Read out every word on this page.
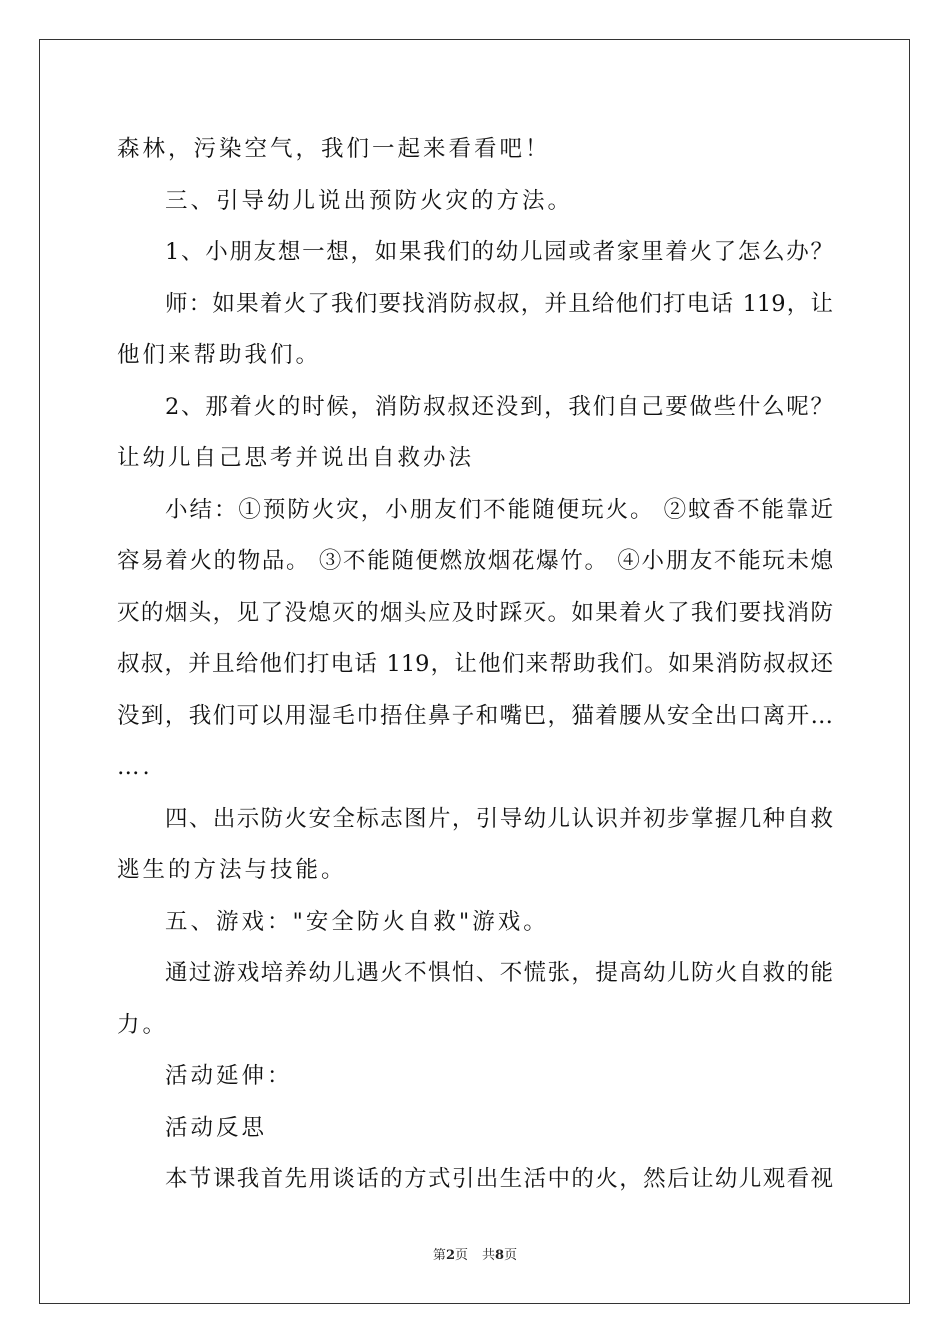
森林，污染空气，我们一起来看看吧！
三、引导幼儿说出预防火灾的方法。
1、小朋友想一想，如果我们的幼儿园或者家里着火了怎么办？
师：如果着火了我们要找消防叔叔，并且给他们打电话 119，让
他们来帮助我们。
2、那着火的时候，消防叔叔还没到，我们自己要做些什么呢？
让幼儿自己思考并说出自救办法
小结：①预防火灾，小朋友们不能随便玩火。 ②蚊香不能靠近
容易着火的物品。 ③不能随便燃放烟花爆竹。 ④小朋友不能玩未熄
灭的烟头，见了没熄灭的烟头应及时踩灭。如果着火了我们要找消防
叔叔，并且给他们打电话 119，让他们来帮助我们。如果消防叔叔还
没到，我们可以用湿毛巾捂住鼻子和嘴巴，猫着腰从安全出口离开…
….
四、出示防火安全标志图片，引导幼儿认识并初步掌握几种自救
逃生的方法与技能。
五、游戏："安全防火自救"游戏。
通过游戏培养幼儿遇火不惧怕、不慌张，提高幼儿防火自救的能
力。
活动延伸：
活动反思
本节课我首先用谈话的方式引出生活中的火，然后让幼儿观看视
第2页 共8页
